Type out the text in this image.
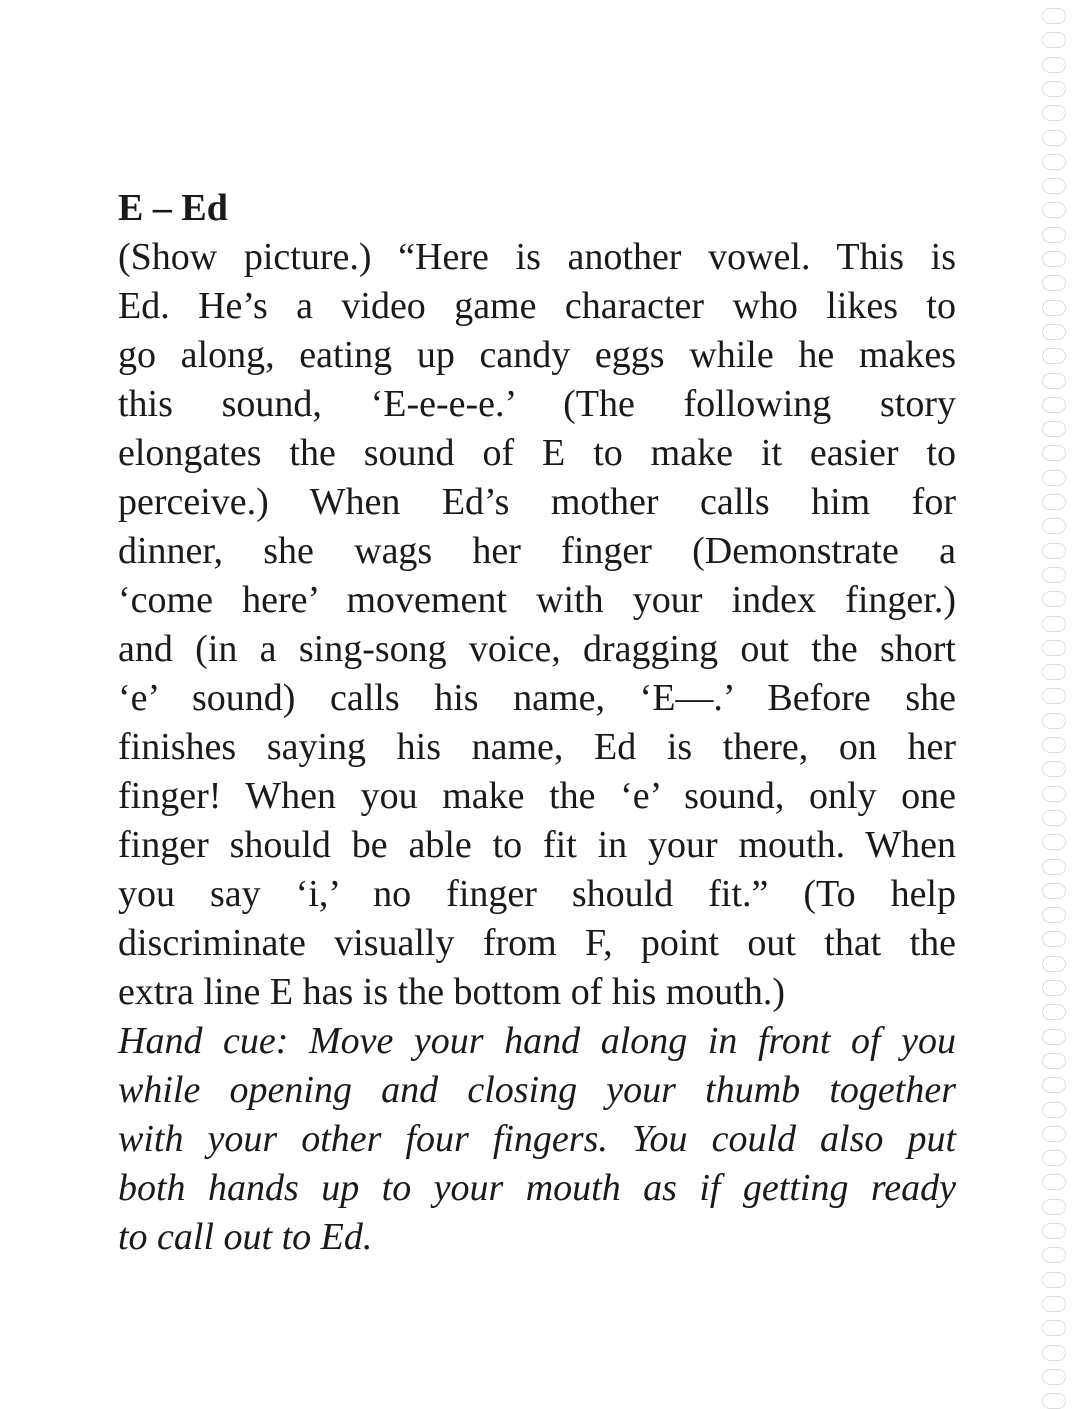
E – Ed
(Show picture.) “Here is another vowel. This is
Ed. He’s a video game character who likes to
go along, eating up candy eggs while he makes
this sound, ‘E-e-e-e.’ (The following story
elongates the sound of E to make it easier to
perceive.) When Ed’s mother calls him for
dinner, she wags her finger (Demonstrate a
‘come here’ movement with your index finger.)
and (in a sing-song voice, dragging out the short
‘e’ sound) calls his name, ‘E—.’ Before she
finishes saying his name, Ed is there, on her
finger! When you make the ‘e’ sound, only one
finger should be able to fit in your mouth. When
you say ‘i,’ no finger should fit.” (To help
discriminate visually from F, point out that the
extra line E has is the bottom of his mouth.)
Hand cue: Move your hand along in front of you
while opening and closing your thumb together
with your other four fingers. You could also put
both hands up to your mouth as if getting ready
to call out to Ed.
